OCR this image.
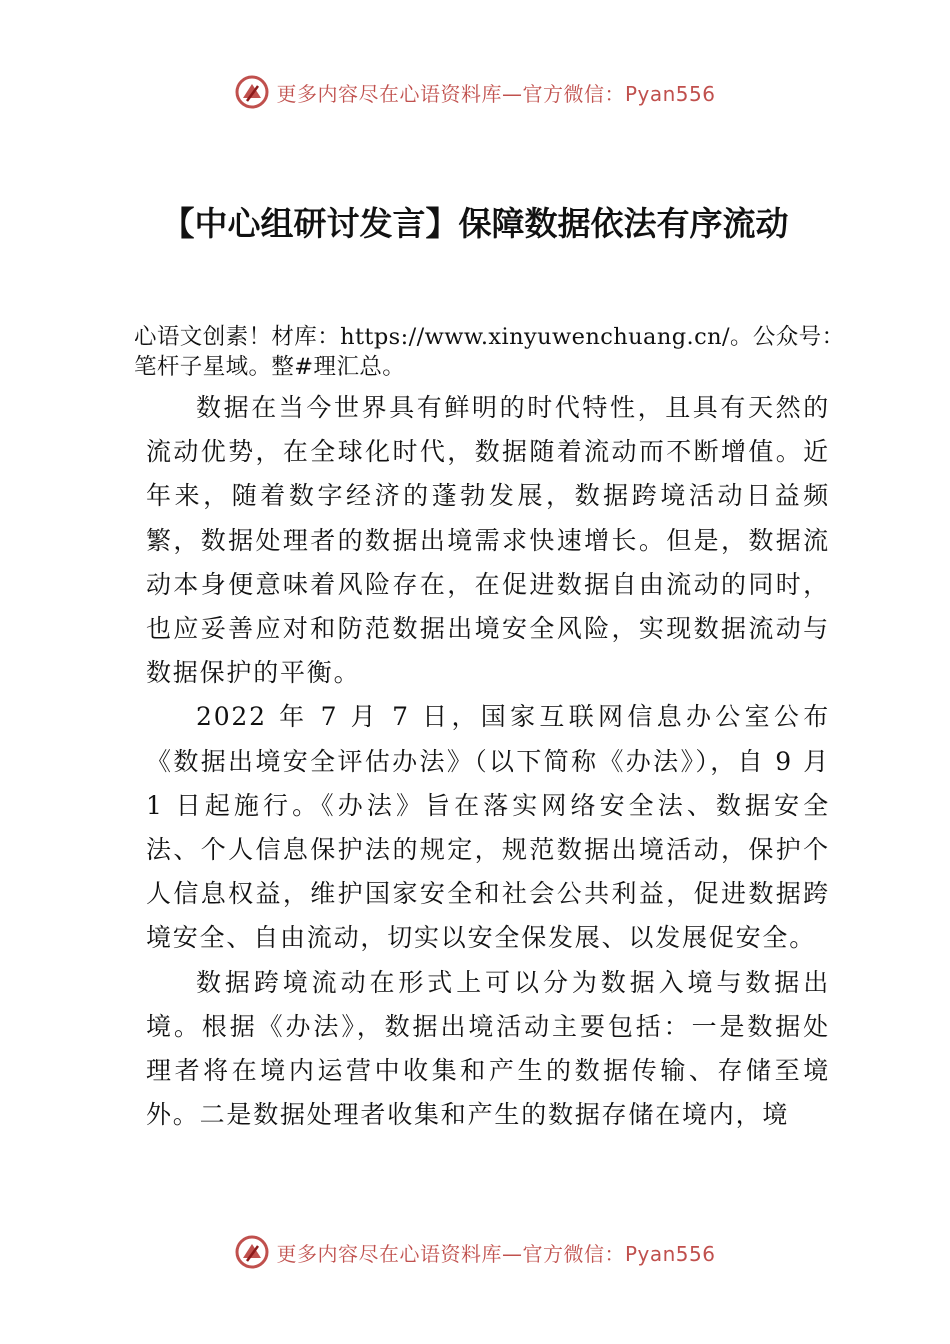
更多内容尽在心语资料库—官方微信：Pyan556
【中心组研讨发言】保障数据依法有序流动
心语文创素！材库：https://www.xinyuwenchuang.cn/。公众号：笔杆子星域。整#理汇总。

数据在当今世界具有鲜明的时代特性，且具有天然的流动优势，在全球化时代，数据随着流动而不断增值。近年来，随着数字经济的蓬勃发展，数据跨境活动日益频繁，数据处理者的数据出境需求快速增长。但是，数据流动本身便意味着风险存在，在促进数据自由流动的同时，也应妥善应对和防范数据出境安全风险，实现数据流动与数据保护的平衡。

2022 年 7 月 7 日，国家互联网信息办公室公布《数据出境安全评估办法》（以下简称《办法》），自 9 月 1 日起施行。《办法》旨在落实网络安全法、数据安全法、个人信息保护法的规定，规范数据出境活动，保护个人信息权益，维护国家安全和社会公共利益，促进数据跨境安全、自由流动，切实以安全保发展、以发展促安全。

数据跨境流动在形式上可以分为数据入境与数据出境。根据《办法》，数据出境活动主要包括：一是数据处理者将在境内运营中收集和产生的数据传输、存储至境外。二是数据处理者收集和产生的数据存储在境内，境

更多内容尽在心语资料库—官方微信：Pyan556
